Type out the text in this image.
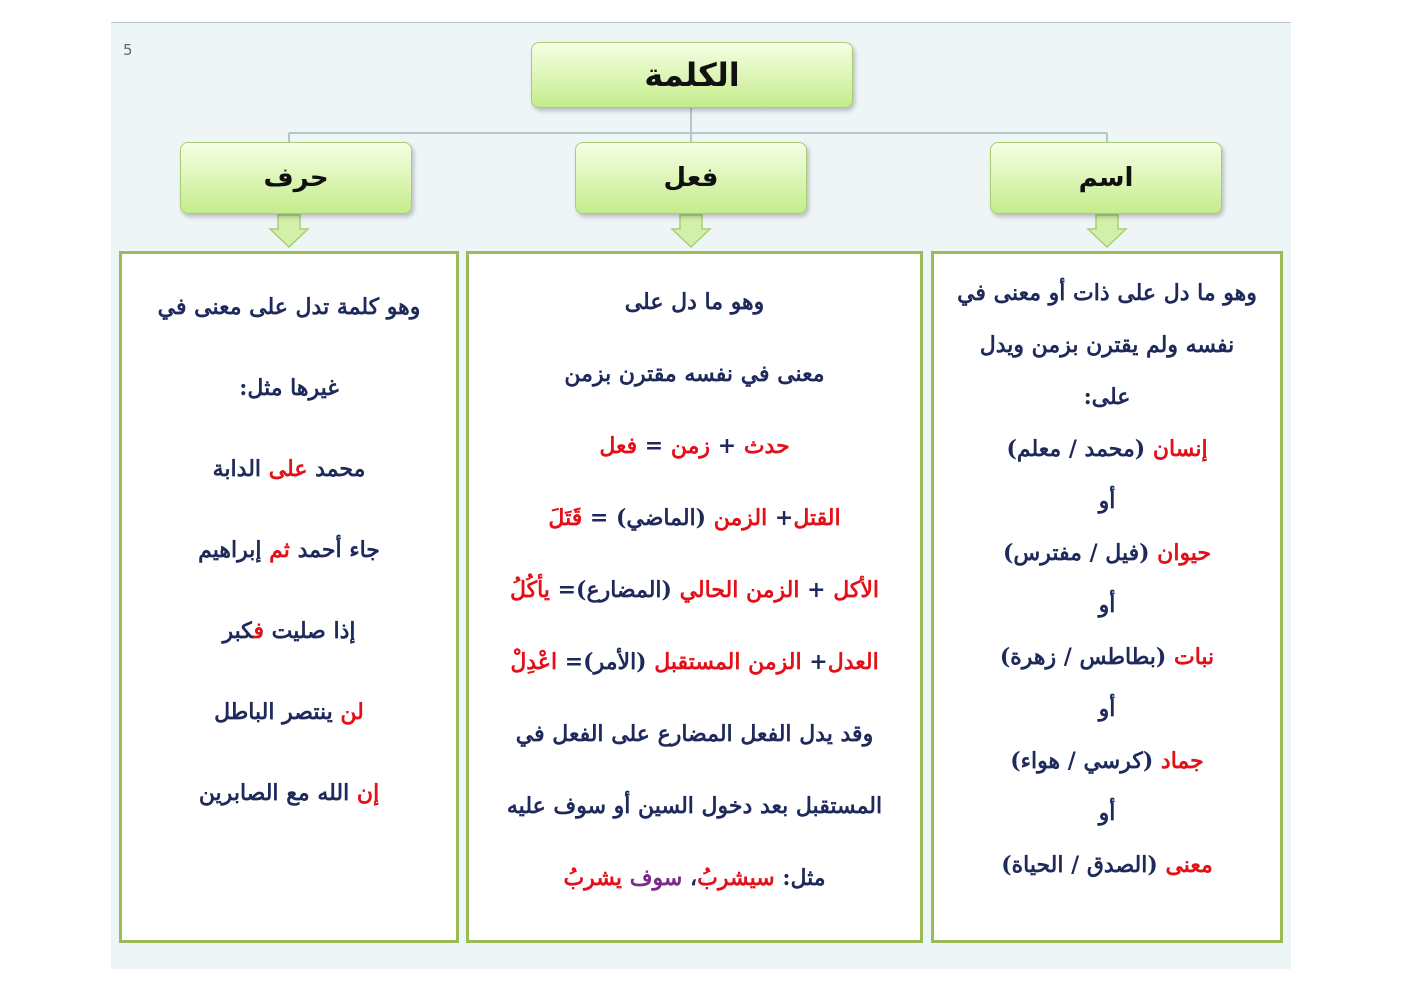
5
الكلمة
حرف	فعل	اسم
وهو كلمة تدل على معنى في
غيرها مثل:
محمد على الدابة
جاء أحمد ثم إبراهيم
إذا صليت فكبر
لن ينتصر الباطل
إن الله مع الصابرين
وهو ما دل على
معنى في نفسه مقترن بزمن
حدث + زمن = فعل
القتل+ الزمن (الماضي) = قَتَلَ
الأكل + الزمن الحالي (المضارع)= يأكُلُ
العدل+ الزمن المستقبل (الأمر)= اعْدِلْ
وقد يدل الفعل المضارع على الفعل في
المستقبل بعد دخول السين أو سوف عليه
مثل: سيشربُ، سوف يشربُ
وهو ما دل على ذات أو معنى في
نفسه ولم يقترن بزمن ويدل
على:
إنسان (محمد / معلم)
أو
حيوان (فيل / مفترس)
أو
نبات (بطاطس / زهرة)
أو
جماد (كرسي / هواء)
أو
معنى (الصدق / الحياة)
